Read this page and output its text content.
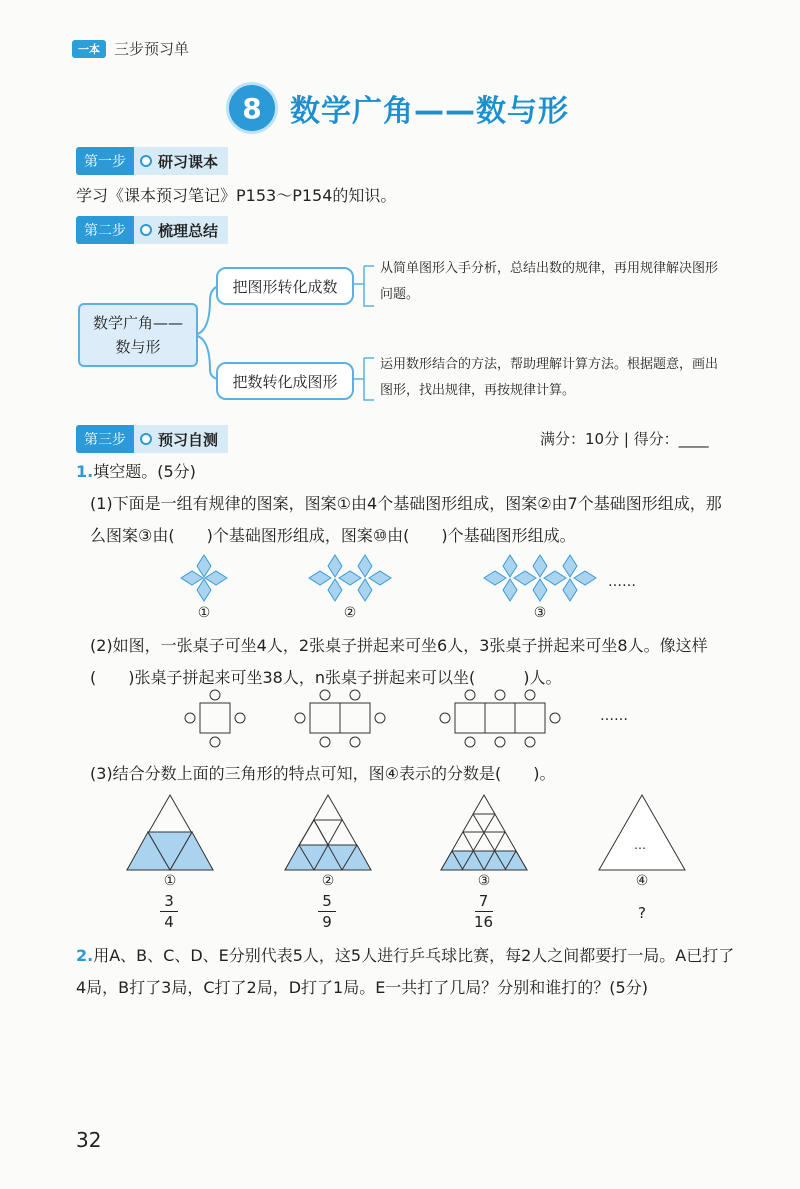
一本 三步预习单
8 数学广角——数与形
第一步	研习课本
学习《课本预习笔记》P153～P154的知识。
第二步	梳理总结
数学广角——
数与形
把图形转化成数
把数转化成图形
从简单图形入手分析，总结出数的规律，再用规律解决图形问题。
运用数形结合的方法，帮助理解计算方法。根据题意，画出图形，找出规律，再按规律计算。
第三步	预习自测	满分：10分 | 得分：____
1.填空题。(5分)
(1)下面是一组有规律的图案，图案①由4个基础图形组成，图案②由7个基础图形组成，那么图案③由(　　)个基础图形组成，图案⑩由(　　)个基础图形组成。
……
①	②	③
(2)如图，一张桌子可坐4人，2张桌子拼起来可坐6人，3张桌子拼起来可坐8人。像这样(　　)张桌子拼起来可坐38人，n张桌子拼起来可以坐(　　　)人。
……
(3)结合分数上面的三角形的特点可知，图④表示的分数是(　　)。
…
①	②	③	④
3
4
5
9
7
16	?
2.用A、B、C、D、E分别代表5人，这5人进行乒乓球比赛，每2人之间都要打一局。A已打了4局，B打了3局，C打了2局，D打了1局。E一共打了几局？分别和谁打的？(5分)
32
